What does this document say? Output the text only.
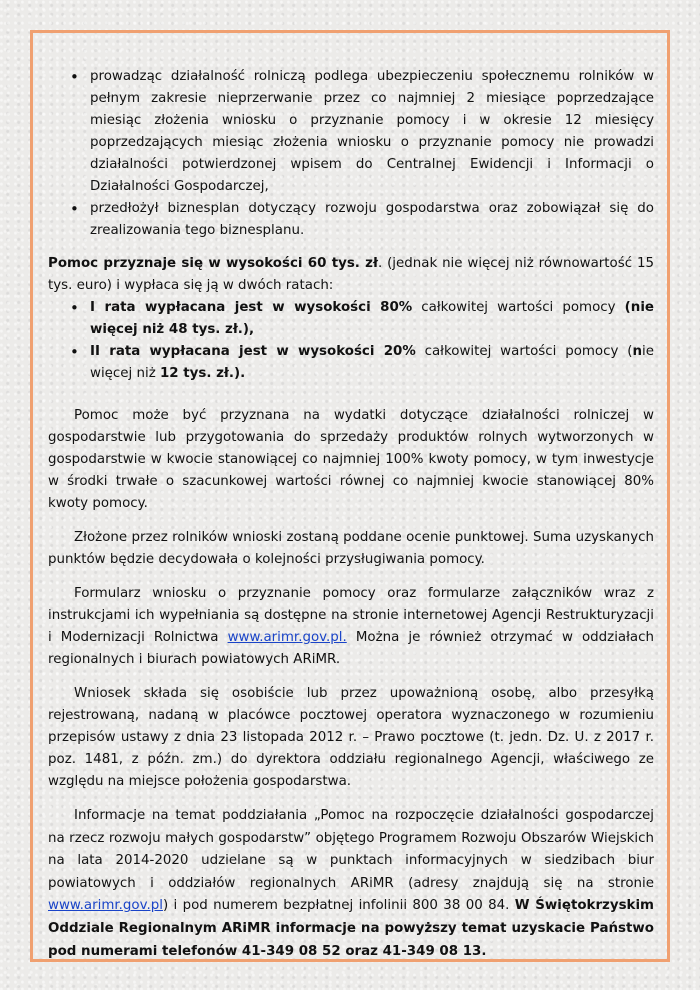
• prowadząc działalność rolniczą podlega ubezpieczeniu społecznemu rolników w pełnym zakresie nieprzerwanie przez co najmniej 2 miesiące poprzedzające miesiąc złożenia wniosku o przyznanie pomocy i w okresie 12 miesięcy poprzedzających miesiąc złożenia wniosku o przyznanie pomocy nie prowadzi działalności potwierdzonej wpisem do Centralnej Ewidencji i Informacji o Działalności Gospodarczej,
• przedłożył biznesplan dotyczący rozwoju gospodarstwa oraz zobowiązał się do zrealizowania tego biznesplanu.

Pomoc przyznaje się w wysokości 60 tys. zł. (jednak nie więcej niż równowartość 15 tys. euro) i wypłaca się ją w dwóch ratach:

• I rata wypłacana jest w wysokości 80% całkowitej wartości pomocy (nie więcej niż 48 tys. zł.),
• II rata wypłacana jest w wysokości 20% całkowitej wartości pomocy (nie więcej niż 12 tys. zł.).

Pomoc może być przyznana na wydatki dotyczące działalności rolniczej w gospodarstwie lub przygotowania do sprzedaży produktów rolnych wytworzonych w gospodarstwie w kwocie stanowiącej co najmniej 100% kwoty pomocy, w tym inwestycje w środki trwałe o szacunkowej wartości równej co najmniej kwocie stanowiącej 80% kwoty pomocy.

Złożone przez rolników wnioski zostaną poddane ocenie punktowej. Suma uzyskanych punktów będzie decydowała o kolejności przysługiwania pomocy.

Formularz wniosku o przyznanie pomocy oraz formularze załączników wraz z instrukcjami ich wypełniania są dostępne na stronie internetowej Agencji Restrukturyzacji i Modernizacji Rolnictwa www.arimr.gov.pl. Można je również otrzymać w oddziałach regionalnych i biurach powiatowych ARiMR.

Wniosek składa się osobiście lub przez upoważnioną osobę, albo przesyłką rejestrowaną, nadaną w placówce pocztowej operatora wyznaczonego w rozumieniu przepisów ustawy z dnia 23 listopada 2012 r. – Prawo pocztowe (t. jedn. Dz. U. z 2017 r. poz. 1481, z późn. zm.) do dyrektora oddziału regionalnego Agencji, właściwego ze względu na miejsce położenia gospodarstwa.

Informacje na temat poddziałania „Pomoc na rozpoczęcie działalności gospodarczej na rzecz rozwoju małych gospodarstw” objętego Programem Rozwoju Obszarów Wiejskich na lata 2014-2020 udzielane są w punktach informacyjnych w siedzibach biur powiatowych i oddziałów regionalnych ARiMR (adresy znajdują się na stronie www.arimr.gov.pl) i pod numerem bezpłatnej infolinii 800 38 00 84. W Świętokrzyskim Oddziale Regionalnym ARiMR informacje na powyższy temat uzyskacie Państwo pod numerami telefonów 41-349 08 52 oraz 41-349 08 13.
